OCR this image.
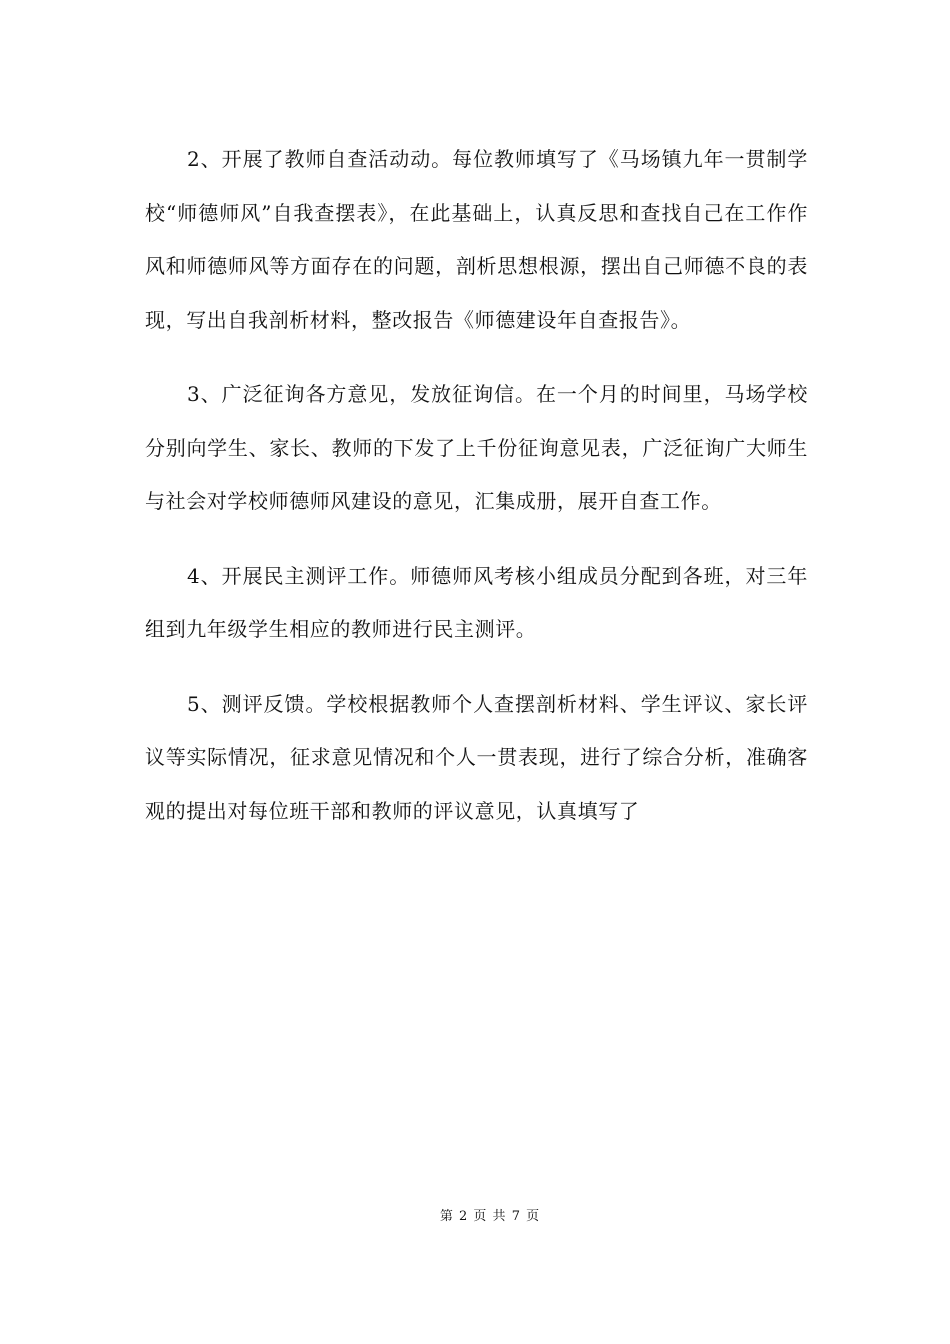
2、开展了教师自查活动动。每位教师填写了《马场镇九年一贯制学校“师德师风”自我查摆表》，在此基础上，认真反思和查找自己在工作作风和师德师风等方面存在的问题，剖析思想根源，摆出自己师德不良的表现，写出自我剖析材料，整改报告《师德建设年自查报告》。

3、广泛征询各方意见，发放征询信。在一个月的时间里，马场学校分别向学生、家长、教师的下发了上千份征询意见表，广泛征询广大师生与社会对学校师德师风建设的意见，汇集成册，展开自查工作。

4、开展民主测评工作。师德师风考核小组成员分配到各班，对三年组到九年级学生相应的教师进行民主测评。

5、测评反馈。学校根据教师个人查摆剖析材料、学生评议、家长评议等实际情况，征求意见情况和个人一贯表现，进行了综合分析，准确客观的提出对每位班干部和教师的评议意见，认真填写了

第 2 页 共 7 页
